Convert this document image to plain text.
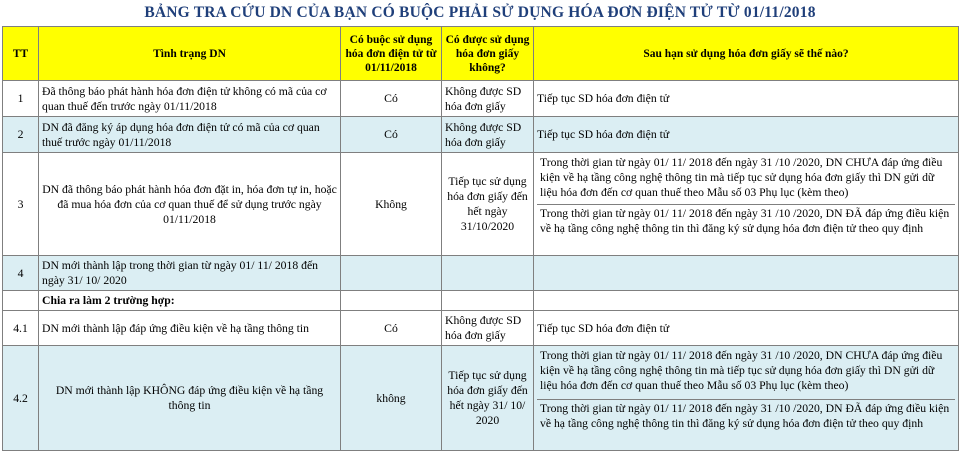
BẢNG TRA CỨU DN CỦA BẠN CÓ BUỘC PHẢI SỬ DỤNG HÓA ĐƠN ĐIỆN TỬ TỪ 01/11/2018
TT	Tình trạng DN	Có buộc sử dụng hóa đơn điện tử từ 01/11/2018	Có được sử dụng hóa đơn giấy không?	Sau hạn sử dụng hóa đơn giấy sẽ thế nào?
1	Đã thông báo phát hành hóa đơn điện tử không có mã của cơ quan thuế đến trước ngày 01/11/2018	Có	Không được SD hóa đơn giấy	Tiếp tục SD hóa đơn điện tử
2	DN đã đăng ký áp dụng hóa đơn điện tử có mã của cơ quan thuế trước ngày 01/11/2018	Có	Không được SD hóa đơn giấy	Tiếp tục SD hóa đơn điện tử
3	DN đã thông báo phát hành hóa đơn đặt in, hóa đơn tự in, hoặc đã mua hóa đơn của cơ quan thuế để sử dụng trước ngày 01/11/2018	Không	Tiếp tục sử dụng hóa đơn giấy đến hết ngày 31/10/2020	Trong thời gian từ ngày 01/ 11/ 2018 đến ngày 31 /10 /2020, DN CHƯA đáp ứng điều kiện về hạ tầng công nghệ thông tin mà tiếp tục sử dụng hóa đơn giấy thì DN gửi dữ liệu hóa đơn đến cơ quan thuế theo Mẫu số 03 Phụ lục (kèm theo)
Trong thời gian từ ngày 01/ 11/ 2018 đến ngày 31 /10 /2020, DN ĐÃ đáp ứng điều kiện về hạ tầng công nghệ thông tin thì đăng ký sử dụng hóa đơn điện tử theo quy định

4	DN mới thành lập trong thời gian từ ngày 01/ 11/ 2018 đến ngày 31/ 10/ 2020			
	Chia ra làm 2 trường hợp:			
4.1	DN mới thành lập đáp ứng điều kiện về hạ tầng thông tin	Có	Không được SD hóa đơn giấy	Tiếp tục SD hóa đơn điện tử
4.2	DN mới thành lập KHÔNG đáp ứng điều kiện về hạ tầng thông tin	không	Tiếp tục sử dụng hóa đơn giấy đến hết ngày 31/ 10/ 2020	Trong thời gian từ ngày 01/ 11/ 2018 đến ngày 31 /10 /2020, DN CHƯA đáp ứng điều kiện về hạ tầng công nghệ thông tin mà tiếp tục sử dụng hóa đơn giấy thì DN gửi dữ liệu hóa đơn đến cơ quan thuế theo Mẫu số 03 Phụ lục (kèm theo)
Trong thời gian từ ngày 01/ 11/ 2018 đến ngày 31 /10 /2020, DN ĐÃ đáp ứng điều kiện về hạ tầng công nghệ thông tin thì đăng ký sử dụng hóa đơn điện tử theo quy định
